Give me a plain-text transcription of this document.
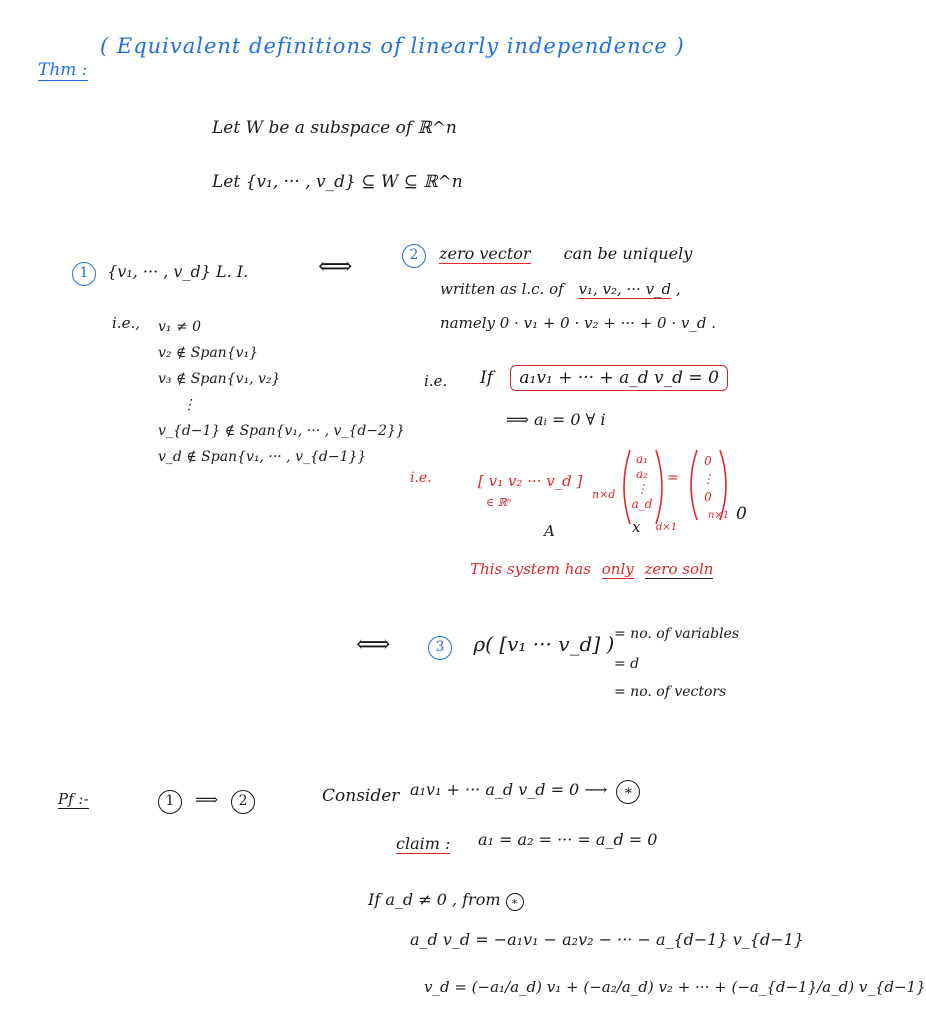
Thm :
( Equivalent definitions of linearly independence )
Let W be a subspace of ℝ^n
Let {v₁, ··· , v_d} ⊆ W ⊆ ℝ^n
1 {v₁, ··· , v_d} L. I.
i.e., v₁ ≠ 0
v₂ ∉ Span{v₁}
v₃ ∉ Span{v₁, v₂}
⋮
v_{d−1} ∉ Span{v₁, ··· , v_{d−2}}
v_d ∉ Span{v₁, ··· , v_{d−1}}
⟺	2 zero vector can be uniquely
written as l.c. of v₁, v₂, ··· v_d ,
namely 0 · v₁ + 0 · v₂ + ··· + 0 · v_d .
i.e. If a₁v₁ + ··· + a_d v_d = 0
⟹ aᵢ = 0 ∀ i
i.e.	[ v₁ v₂ ··· v_d ]
∈ ℝⁿ
n×d
a₁
a₂
⋮
a_d
=
0
⋮
0
n×1
d×1
A	x
0
This system has only zero soln
⟺	3 ρ( [v₁ ··· v_d] ) = no. of variables
= d
= no. of vectors
Pf :-	1 ⟹ 2	Consider a₁v₁ + ··· a_d v_d = 0 ⟶ ∗
claim : a₁ = a₂ = ··· = a_d = 0
If a_d ≠ 0 , from ∗
a_d v_d = −a₁v₁ − a₂v₂ − ··· − a_{d−1} v_{d−1}
v_d = (−a₁/a_d) v₁ + (−a₂/a_d) v₂ + ··· + (−a_{d−1}/a_d) v_{d−1}
